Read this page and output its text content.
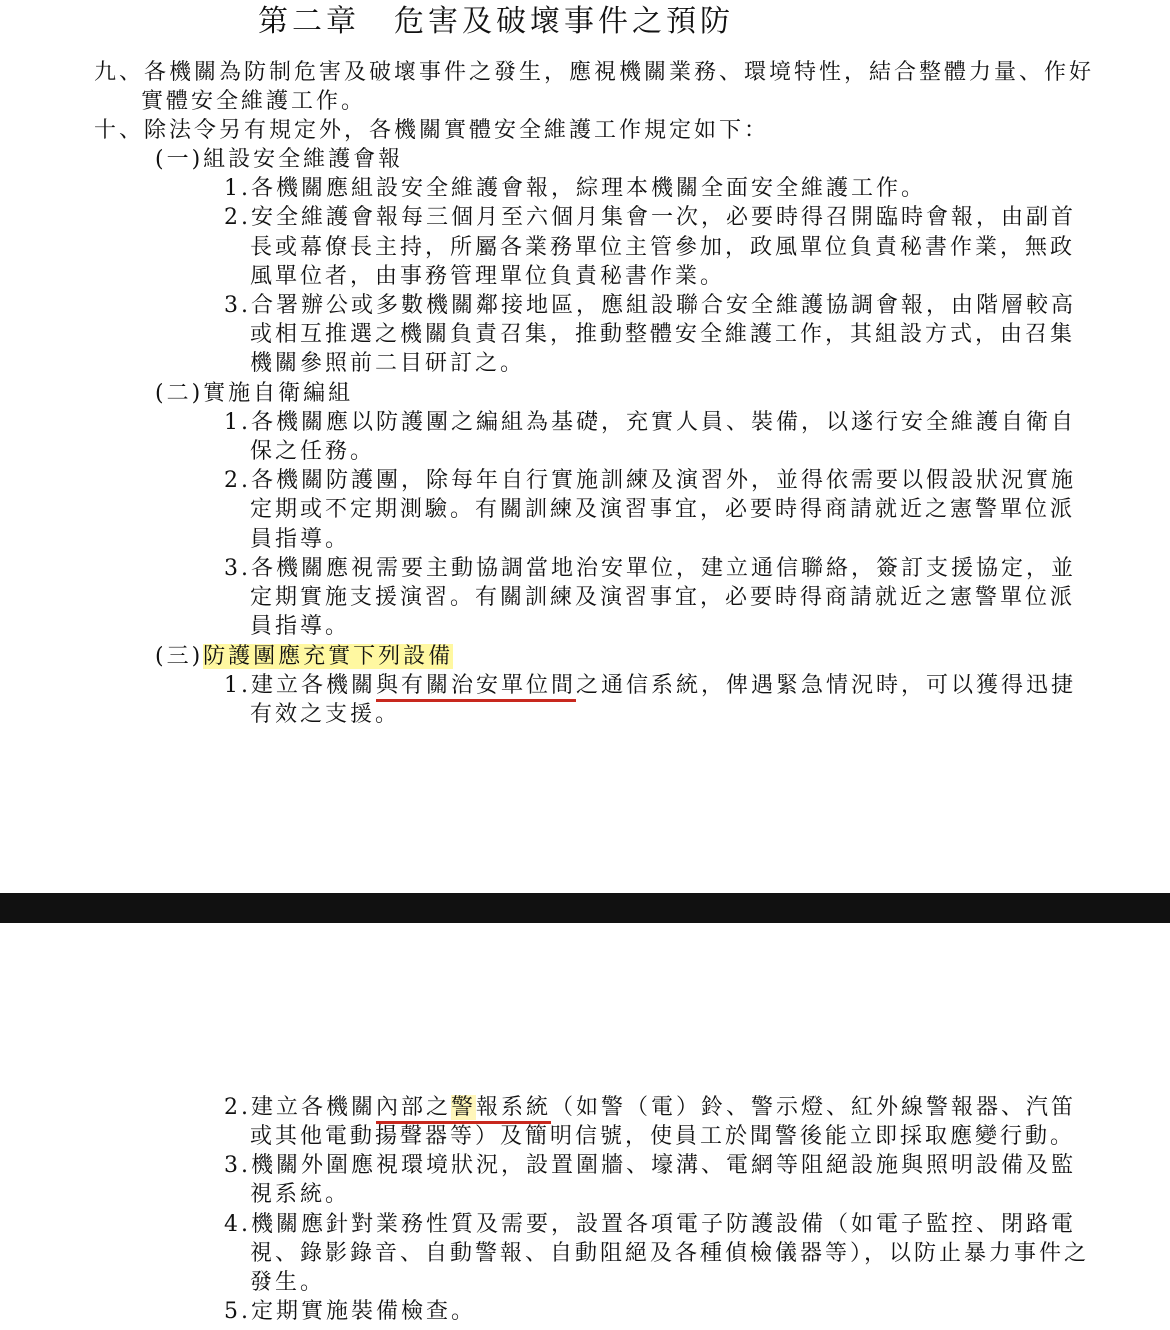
第二章　危害及破壞事件之預防
九、各機關為防制危害及破壞事件之發生，應視機關業務、環境特性，結合整體力量、作好
實體安全維護工作。
十、除法令另有規定外，各機關實體安全維護工作規定如下：
(一)組設安全維護會報
1.各機關應組設安全維護會報，綜理本機關全面安全維護工作。
2.安全維護會報每三個月至六個月集會一次，必要時得召開臨時會報，由副首
長或幕僚長主持，所屬各業務單位主管參加，政風單位負責秘書作業，無政
風單位者，由事務管理單位負責秘書作業。
3.合署辦公或多數機關鄰接地區，應組設聯合安全維護協調會報，由階層較高
或相互推選之機關負責召集，推動整體安全維護工作，其組設方式，由召集
機關參照前二目研訂之。
(二)實施自衛編組
1.各機關應以防護團之編組為基礎，充實人員、裝備，以遂行安全維護自衛自
保之任務。
2.各機關防護團，除每年自行實施訓練及演習外，並得依需要以假設狀況實施
定期或不定期測驗。有關訓練及演習事宜，必要時得商請就近之憲警單位派
員指導。
3.各機關應視需要主動協調當地治安單位，建立通信聯絡，簽訂支援協定，並
定期實施支援演習。有關訓練及演習事宜，必要時得商請就近之憲警單位派
員指導。
(三)防護團應充實下列設備
1.建立各機關與有關治安單位間之通信系統，俾遇緊急情況時，可以獲得迅捷
有效之支援。
2.建立各機關內部之警報系統（如警（電）鈴、警示燈、紅外線警報器、汽笛
或其他電動揚聲器等）及簡明信號，使員工於聞警後能立即採取應變行動。
3.機關外圍應視環境狀況，設置圍牆、壕溝、電網等阻絕設施與照明設備及監
視系統。
4.機關應針對業務性質及需要，設置各項電子防護設備（如電子監控、閉路電
視、錄影錄音、自動警報、自動阻絕及各種偵檢儀器等），以防止暴力事件之
發生。
5.定期實施裝備檢查。
